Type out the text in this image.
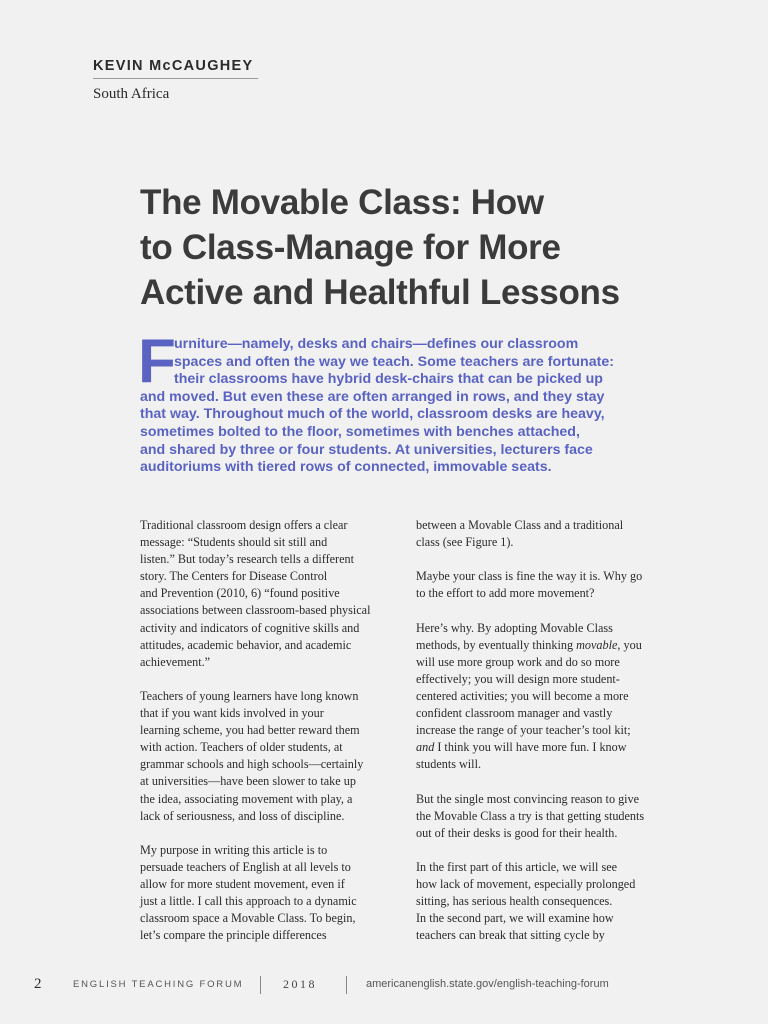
KEVIN McCAUGHEY
South Africa
The Movable Class: How
to Class-Manage for More
Active and Healthful Lessons
F
urniture—namely, desks and chairs—defines our classroom
spaces and often the way we teach. Some teachers are fortunate:
their classrooms have hybrid desk-chairs that can be picked up
and moved. But even these are often arranged in rows, and they stay
that way. Throughout much of the world, classroom desks are heavy,
sometimes bolted to the floor, sometimes with benches attached,
and shared by three or four students. At universities, lecturers face
auditoriums with tiered rows of connected, immovable seats.
Traditional classroom design offers a clear
message: “Students should sit still and
listen.” But today’s research tells a different
story. The Centers for Disease Control
and Prevention (2010, 6) “found positive
associations between classroom-based physical
activity and indicators of cognitive skills and
attitudes, academic behavior, and academic
achievement.”
Teachers of young learners have long known
that if you want kids involved in your
learning scheme, you had better reward them
with action. Teachers of older students, at
grammar schools and high schools—certainly
at universities—have been slower to take up
the idea, associating movement with play, a
lack of seriousness, and loss of discipline.
My purpose in writing this article is to
persuade teachers of English at all levels to
allow for more student movement, even if
just a little. I call this approach to a dynamic
classroom space a Movable Class. To begin,
let’s compare the principle differences
between a Movable Class and a traditional
class (see Figure 1).
Maybe your class is fine the way it is. Why go
to the effort to add more movement?
Here’s why. By adopting Movable Class
methods, by eventually thinking movable, you
will use more group work and do so more
effectively; you will design more student-
centered activities; you will become a more
confident classroom manager and vastly
increase the range of your teacher’s tool kit;
and I think you will have more fun. I know
students will.
But the single most convincing reason to give
the Movable Class a try is that getting students
out of their desks is good for their health.
In the first part of this article, we will see
how lack of movement, especially prolonged
sitting, has serious health consequences.
In the second part, we will examine how
teachers can break that sitting cycle by
2	ENGLISH TEACHING FORUM	2018	americanenglish.state.gov/english-teaching-forum
